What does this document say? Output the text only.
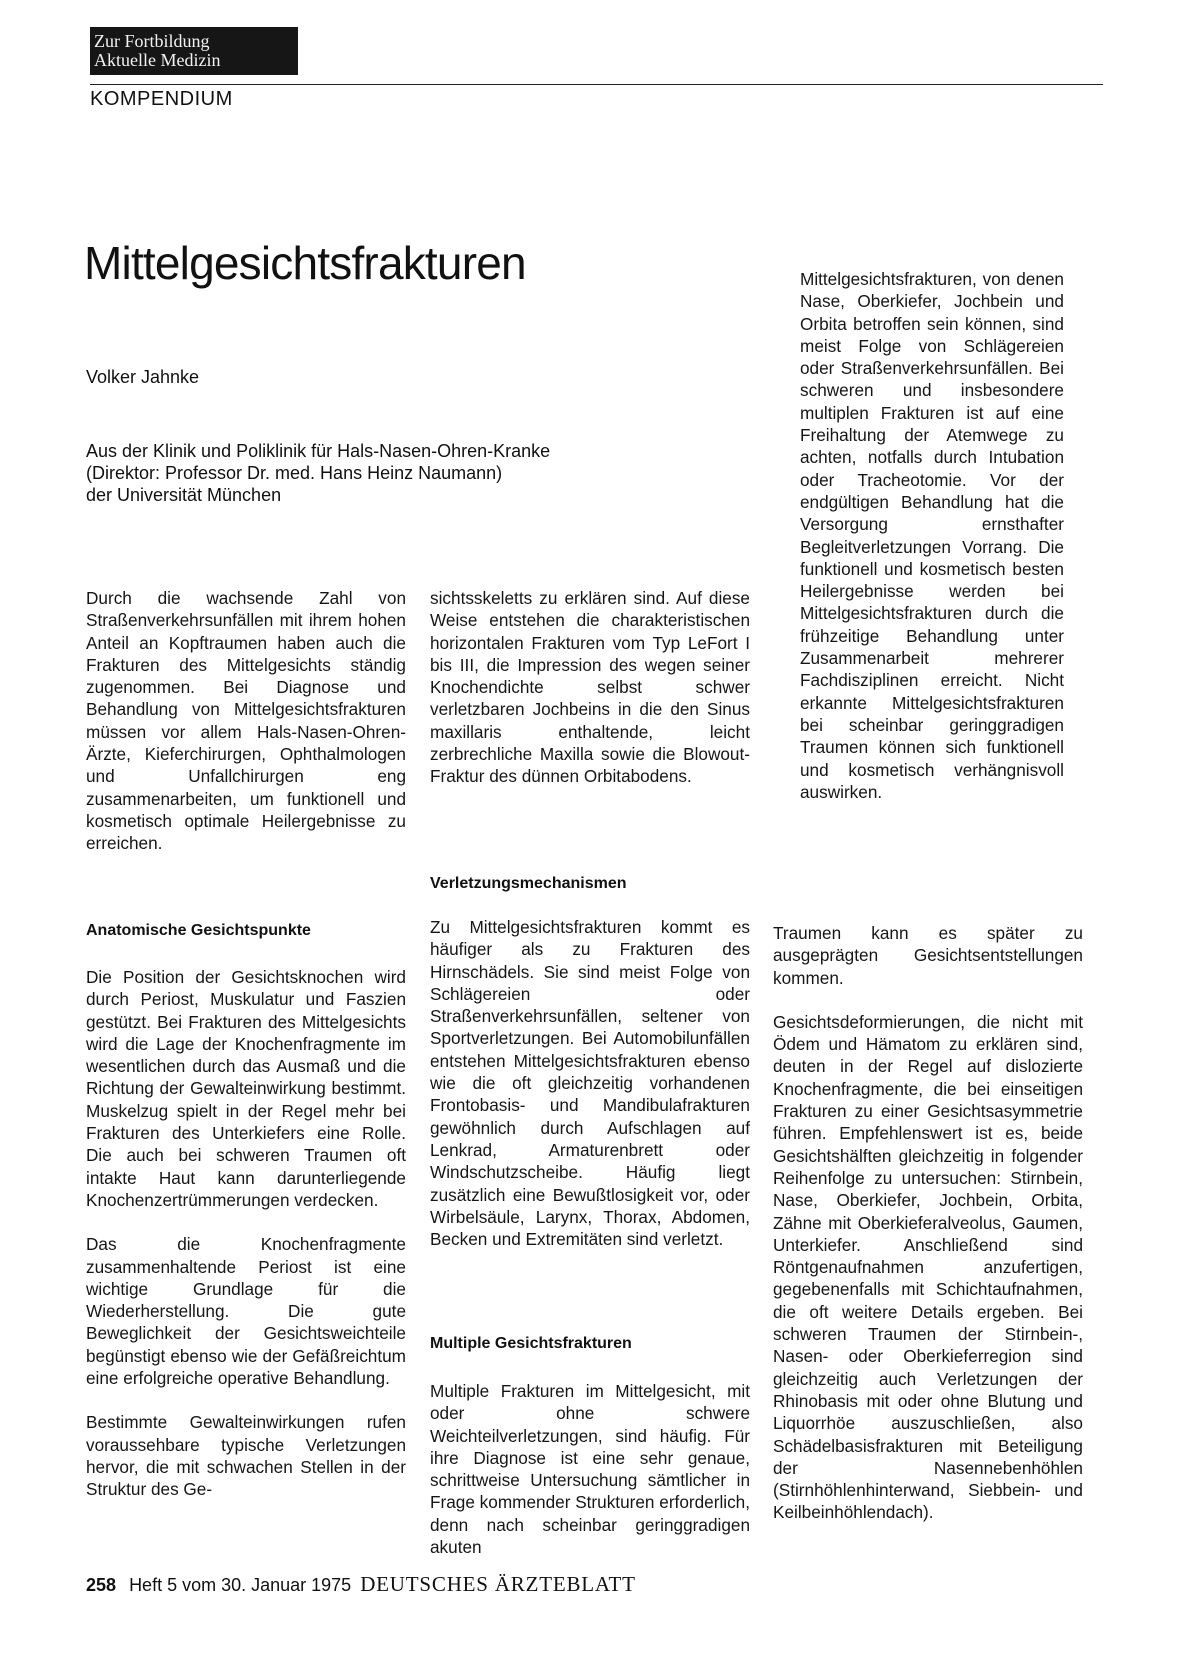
Zur Fortbildung
Aktuelle Medizin
KOMPENDIUM
Mittelgesichtsfrakturen
Volker Jahnke
Aus der Klinik und Poliklinik für Hals-Nasen-Ohren-Kranke
(Direktor: Professor Dr. med. Hans Heinz Naumann)
der Universität München

Durch die wachsende Zahl von Straßenverkehrsunfällen mit ihrem hohen Anteil an Kopftraumen haben auch die Frakturen des Mittelgesichts ständig zugenommen. Bei Diagnose und Behandlung von Mittelgesichtsfrakturen müssen vor allem Hals-Nasen-Ohren-Ärzte, Kieferchirurgen, Ophthalmologen und Unfallchirurgen eng zusammenarbeiten, um funktionell und kosmetisch optimale Heilergebnisse zu erreichen.

Anatomische Gesichtspunkte

Die Position der Gesichtsknochen wird durch Periost, Muskulatur und Faszien gestützt. Bei Frakturen des Mittelgesichts wird die Lage der Knochenfragmente im wesentlichen durch das Ausmaß und die Richtung der Gewalteinwirkung bestimmt. Muskelzug spielt in der Regel mehr bei Frakturen des Unterkiefers eine Rolle. Die auch bei schweren Traumen oft intakte Haut kann darunterliegende Knochenzertrümmerungen verdecken.

Das die Knochenfragmente zusammenhaltende Periost ist eine wichtige Grundlage für die Wiederherstellung. Die gute Beweglichkeit der Gesichtsweichteile begünstigt ebenso wie der Gefäßreichtum eine erfolgreiche operative Behandlung.

Bestimmte Gewalteinwirkungen rufen voraussehbare typische Verletzungen hervor, die mit schwachen Stellen in der Struktur des Ge-

sichtsskeletts zu erklären sind. Auf diese Weise entstehen die charakteristischen horizontalen Frakturen vom Typ LeFort I bis III, die Impression des wegen seiner Knochendichte selbst schwer verletzbaren Jochbeins in die den Sinus maxillaris enthaltende, leicht zerbrechliche Maxilla sowie die Blowout-Fraktur des dünnen Orbitabodens.

Verletzungsmechanismen

Zu Mittelgesichtsfrakturen kommt es häufiger als zu Frakturen des Hirnschädels. Sie sind meist Folge von Schlägereien oder Straßenverkehrsunfällen, seltener von Sportverletzungen. Bei Automobilunfällen entstehen Mittelgesichtsfrakturen ebenso wie die oft gleichzeitig vorhandenen Frontobasis- und Mandibulafrakturen gewöhnlich durch Aufschlagen auf Lenkrad, Armaturenbrett oder Windschutzscheibe. Häufig liegt zusätzlich eine Bewußtlosigkeit vor, oder Wirbelsäule, Larynx, Thorax, Abdomen, Becken und Extremitäten sind verletzt.

Multiple Gesichtsfrakturen

Multiple Frakturen im Mittelgesicht, mit oder ohne schwere Weichteilverletzungen, sind häufig. Für ihre Diagnose ist eine sehr genaue, schrittweise Untersuchung sämtlicher in Frage kommender Strukturen erforderlich, denn nach scheinbar geringgradigen akuten

Mittelgesichtsfrakturen, von denen Nase, Oberkiefer, Jochbein und Orbita betroffen sein können, sind meist Folge von Schlägereien oder Straßenverkehrsunfällen. Bei schweren und insbesondere multiplen Frakturen ist auf eine Freihaltung der Atemwege zu achten, notfalls durch Intubation oder Tracheotomie. Vor der endgültigen Behandlung hat die Versorgung ernsthafter Begleitverletzungen Vorrang. Die funktionell und kosmetisch besten Heilergebnisse werden bei Mittelgesichtsfrakturen durch die frühzeitige Behandlung unter Zusammenarbeit mehrerer Fachdisziplinen erreicht. Nicht erkannte Mittelgesichtsfrakturen bei scheinbar geringgradigen Traumen können sich funktionell und kosmetisch verhängnisvoll auswirken.

Traumen kann es später zu ausgeprägten Gesichtsentstellungen kommen.

Gesichtsdeformierungen, die nicht mit Ödem und Hämatom zu erklären sind, deuten in der Regel auf dislozierte Knochenfragmente, die bei einseitigen Frakturen zu einer Gesichtsasymmetrie führen. Empfehlenswert ist es, beide Gesichtshälften gleichzeitig in folgender Reihenfolge zu untersuchen: Stirnbein, Nase, Oberkiefer, Jochbein, Orbita, Zähne mit Oberkieferalveolus, Gaumen, Unterkiefer. Anschließend sind Röntgenaufnahmen anzufertigen, gegebenenfalls mit Schichtaufnahmen, die oft weitere Details ergeben. Bei schweren Traumen der Stirnbein-, Nasen- oder Oberkieferregion sind gleichzeitig auch Verletzungen der Rhinobasis mit oder ohne Blutung und Liquorrhöe auszuschließen, also Schädelbasisfrakturen mit Beteiligung der Nasennebenhöhlen (Stirnhöhlenhinterwand, Siebbein- und Keilbeinhöhlendach).

258 Heft 5 vom 30. Januar 1975 DEUTSCHES ÄRZTEBLATT
